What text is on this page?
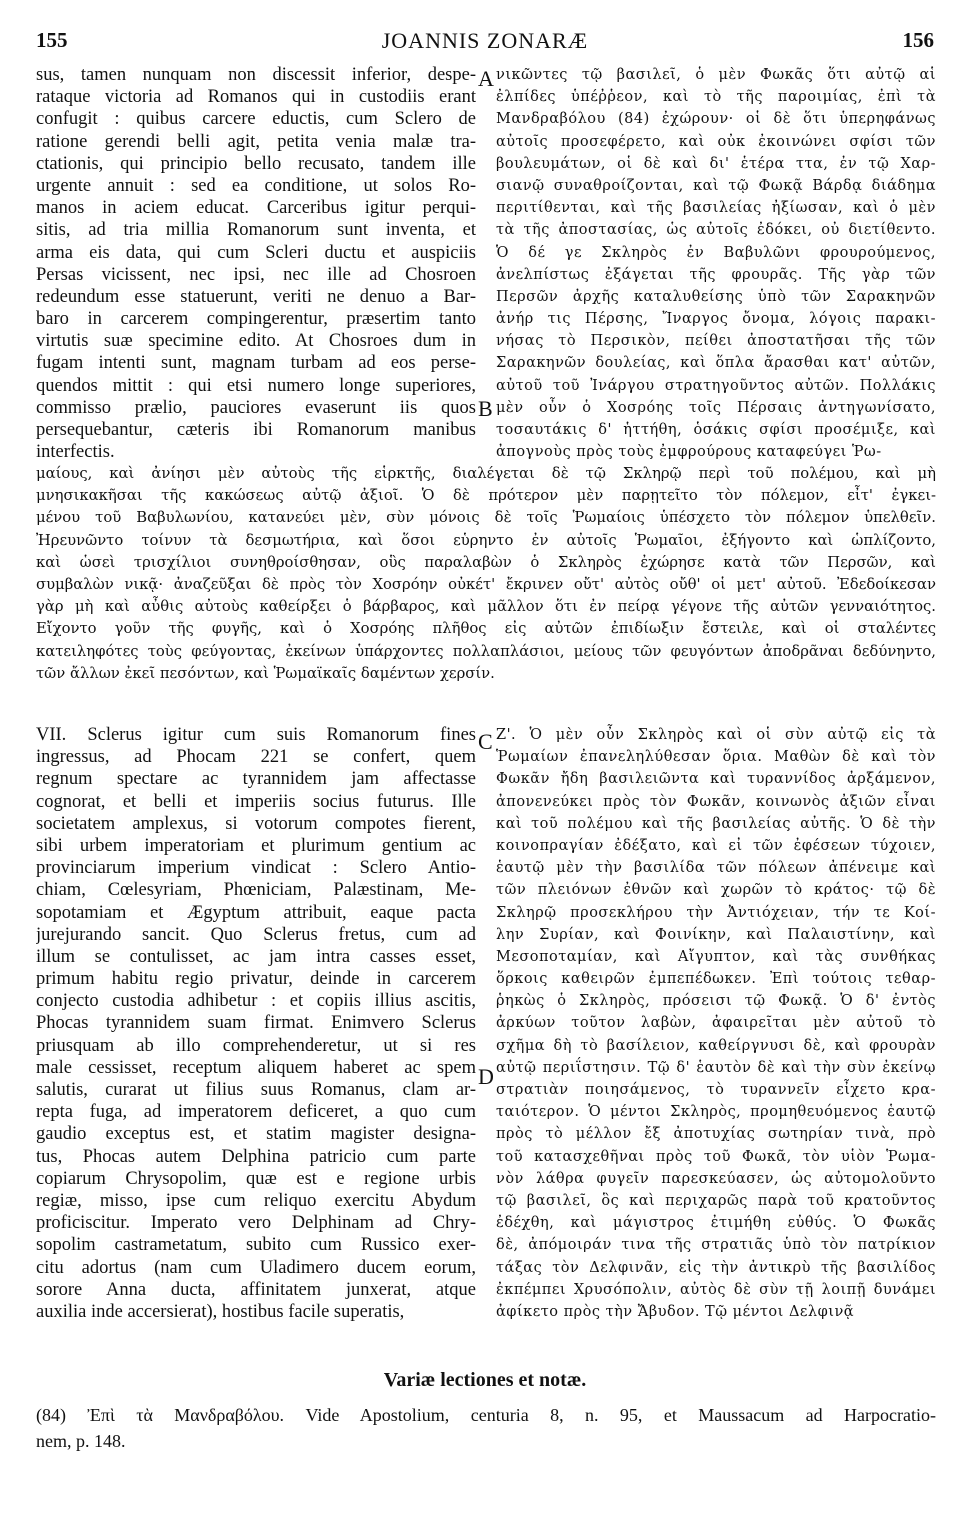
155	JOANNIS ZONARÆ	156
sus, tamen nunquam non discessit inferior, despe-
rataque victoria ad Romanos qui in custodiis erant
confugit : quibus carcere eductis, cum Sclero de
ratione gerendi belli agit, petita venia malæ tra-
ctationis, qui principio bello recusato, tandem ille
urgente annuit : sed ea conditione, ut solos Ro-
manos in aciem educat. Carceribus igitur perqui-
sitis, ad tria millia Romanorum sunt inventa, et
arma eis data, qui cum Scleri ductu et auspiciis
Persas vicissent, nec ipsi, nec ille ad Chosroen
redeundum esse statuerunt, veriti ne denuo a Bar-
baro in carcerem compingerentur, præsertim tanto
virtutis suæ specimine edito. At Chosroes dum in
fugam intenti sunt, magnam turbam ad eos perse-
quendos mittit : qui etsi numero longe superiores,
commisso prælio, pauciores evaserunt iis quos
persequebantur, cæteris ibi Romanorum manibus
interfectis.
νικῶντες τῷ βασιλεῖ, ὁ μὲν Φωκᾶς ὅτι αὐτῷ αἱ
ἐλπίδες ὑπέῤῥεον, καὶ τὸ τῆς παροιμίας, ἐπὶ τὰ
Μανδραβόλου (84) ἐχώρουν· οἱ δὲ ὅτι ὑπερηφάνως
αὐτοῖς προσεφέρετο, καὶ οὐκ ἐκοινώνει σφίσι τῶν
βουλευμάτων, οἱ δὲ καὶ δι' ἑτέρα ττα, ἐν τῷ Χαρ-
σιανῷ συναθροίζονται, καὶ τῷ Φωκᾷ Βάρδᾳ διάδημα
περιτίθενται, καὶ τῆς βασιλείας ἠξίωσαν, καὶ ὁ μὲν
τὰ τῆς ἀποστασίας, ὡς αὐτοῖς ἐδόκει, οὐ διετίθεντο.
Ὁ δέ γε Σκληρὸς ἐν Βαβυλῶνι φρουρούμενος,
ἀνελπίστως ἐξάγεται τῆς φρουρᾶς. Τῆς γὰρ τῶν
Περσῶν ἀρχῆς καταλυθείσης ὑπὸ τῶν Σαρακηνῶν
ἀνήρ τις Πέρσης, Ἴναργος ὄνομα, λόγοις παρακι-
νήσας τὸ Περσικὸν, πείθει ἀποστατῆσαι τῆς τῶν
Σαρακηνῶν δουλείας, καὶ ὅπλα ἄρασθαι κατ' αὐτῶν,
αὐτοῦ τοῦ Ἰνάργου στρατηγοῦντος αὐτῶν. Πολλάκις
μὲν οὖν ὁ Χοσρόης τοῖς Πέρσαις ἀντηγωνίσατο,
τοσαυτάκις δ' ἡττήθη, ὁσάκις σφίσι προσέμιξε, καὶ
ἀπογνοὺς πρὸς τοὺς ἐμφρούρους καταφεύγει Ῥω-
A
B
C
D
μαίους, καὶ ἀνίησι μὲν αὐτοὺς τῆς εἱρκτῆς, διαλέγεται δὲ τῷ Σκληρῷ περὶ τοῦ πολέμου, καὶ μὴ
μνησικακῆσαι τῆς κακώσεως αὐτῷ ἀξιοῖ. Ὁ δὲ πρότερον μὲν παρῃτεῖτο τὸν πόλεμον, εἶτ' ἐγκει-
μένου τοῦ Βαβυλωνίου, κατανεύει μὲν, σὺν μόνοις δὲ τοῖς Ῥωμαίοις ὑπέσχετο τὸν πόλεμον ὑπελθεῖν.
Ἠρευνῶντο τοίνυν τὰ δεσμωτήρια, καὶ ὅσοι εὑρηντο ἐν αὐτοῖς Ῥωμαῖοι, ἐξήγοντο καὶ ὡπλίζοντο,
καὶ ὡσεὶ τρισχίλιοι συνηθροίσθησαν, οὓς παραλαβὼν ὁ Σκληρὸς ἐχώρησε κατὰ τῶν Περσῶν, καὶ
συμβαλὼν νικᾷ· ἀναζεῦξαι δὲ πρὸς τὸν Χοσρόην οὐκέτ' ἔκρινεν οὔτ' αὐτὸς οὔθ' οἱ μετ' αὐτοῦ. Ἐδεδοίκεσαν
γὰρ μὴ καὶ αὖθις αὐτοὺς καθείρξει ὁ βάρβαρος, καὶ μᾶλλον ὅτι ἐν πείρᾳ γέγονε τῆς αὐτῶν γενναιότητος.
Εἴχοντο γοῦν τῆς φυγῆς, καὶ ὁ Χοσρόης πλῆθος εἰς αὐτῶν ἐπιδίωξιν ἔστειλε, καὶ οἱ σταλέντες
κατειληφότες τοὺς φεύγοντας, ἐκείνων ὑπάρχοντες πολλαπλάσιοι, μείους τῶν φευγόντων ἀποδρᾶναι δεδύνηντο,
τῶν ἄλλων ἐκεῖ πεσόντων, καὶ Ῥωμαϊκαῖς δαμέντων χερσίν.
VII. Sclerus igitur cum suis Romanorum fines
ingressus, ad Phocam 221 se confert, quem
regnum spectare ac tyrannidem jam affectasse
cognorat, et belli et imperiis socius futurus. Ille
societatem amplexus, si votorum compotes fierent,
sibi urbem imperatoriam et plurimum gentium ac
provinciarum imperium vindicat : Sclero Antio-
chiam, Cœlesyriam, Phœniciam, Palæstinam, Me-
sopotamiam et Ægyptum attribuit, eaque pacta
jurejurando sancit. Quo Sclerus fretus, cum ad
illum se contulisset, ac jam intra casses esset,
primum habitu regio privatur, deinde in carcerem
conjecto custodia adhibetur : et copiis illius ascitis,
Phocas tyrannidem suam firmat. Enimvero Sclerus
priusquam ab illo comprehenderetur, ut si res
male cessisset, receptum aliquem haberet ac spem
salutis, curarat ut filius suus Romanus, clam ar-
repta fuga, ad imperatorem deficeret, a quo cum
gaudio exceptus est, et statim magister designa-
tus, Phocas autem Delphina patricio cum parte
copiarum Chrysopolim, quæ est e regione urbis
regiæ, misso, ipse cum reliquo exercitu Abydum
proficiscitur. Imperato vero Delphinam ad Chry-
sopolim castrametatum, subito cum Russico exer-
citu adortus (nam cum Uladimero ducem eorum,
sorore Anna ducta, affinitatem junxerat, atque
auxilia inde accersierat), hostibus facile superatis,
Ζ'. Ὁ μὲν οὖν Σκληρὸς καὶ οἱ σὺν αὐτῷ εἰς τὰ
Ῥωμαίων ἐπανεληλύθεσαν ὅρια. Μαθὼν δὲ καὶ τὸν
Φωκᾶν ἤδη βασιλειῶντα καὶ τυραννίδος ἀρξάμενον,
ἀπονενεύκει πρὸς τὸν Φωκᾶν, κοινωνὸς ἀξιῶν εἶναι
καὶ τοῦ πολέμου καὶ τῆς βασιλείας αὐτῆς. Ὁ δὲ τὴν
κοινοπραγίαν ἐδέξατο, καὶ εἰ τῶν ἐφέσεων τύχοιεν,
ἑαυτῷ μὲν τὴν βασιλίδα τῶν πόλεων ἀπένειμε καὶ
τῶν πλειόνων ἐθνῶν καὶ χωρῶν τὸ κράτος· τῷ δὲ
Σκληρῷ προσεκλήρου τὴν Ἀντιόχειαν, τήν τε Κοί-
λην Συρίαν, καὶ Φοινίκην, καὶ Παλαιστίνην, καὶ
Μεσοποταμίαν, καὶ Αἴγυπτον, καὶ τὰς συνθήκας
ὅρκοις καθειρῶν ἐμπεπέδωκεν. Ἐπὶ τούτοις τεθαρ-
ῥηκὼς ὁ Σκληρὸς, πρόσεισι τῷ Φωκᾷ. Ὁ δ' ἐντὸς
ἀρκύων τοῦτον λαβὼν, ἀφαιρεῖται μὲν αὐτοῦ τὸ
σχῆμα δὴ τὸ βασίλειον, καθείργνυσι δὲ, καὶ φρουρὰν
αὐτῷ περιΐστησιν. Τῷ δ' ἑαυτὸν δὲ καὶ τὴν σὺν ἐκείνῳ
στρατιὰν ποιησάμενος, τὸ τυραννεῖν εἶχετο κρα-
ταιότερον. Ὁ μέντοι Σκληρὸς, προμηθευόμενος ἑαυτῷ
πρὸς τὸ μέλλον ἔξ ἀποτυχίας σωτηρίαν τινὰ, πρὸ
τοῦ κατασχεθῆναι πρὸς τοῦ Φωκᾶ, τὸν υἱὸν Ῥωμα-
νὸν λάθρα φυγεῖν παρεσκεύασεν, ὡς αὐτομολοῦντο
τῷ βασιλεῖ, ὃς καὶ περιχαρῶς παρὰ τοῦ κρατοῦντος
ἐδέχθη, καὶ μάγιστρος ἐτιμήθη εὐθύς. Ὁ Φωκᾶς
δὲ, ἀπόμοιράν τινα τῆς στρατιᾶς ὑπὸ τὸν πατρίκιον
τάξας τὸν Δελφινᾶν, εἰς τὴν ἀντικρὺ τῆς βασιλίδος
ἐκπέμπει Χρυσόπολιν, αὐτὸς δὲ σὺν τῇ λοιπῇ δυνάμει
ἀφίκετο πρὸς τὴν Ἄβυδον. Τῷ μέντοι Δελφινᾷ
Variæ lectiones et notæ.
(84) Ἐπὶ τὰ Μανδραβόλου. Vide Apostolium, centuria 8, n. 95, et Maussacum ad Harpocratio-
nem, p. 148.
